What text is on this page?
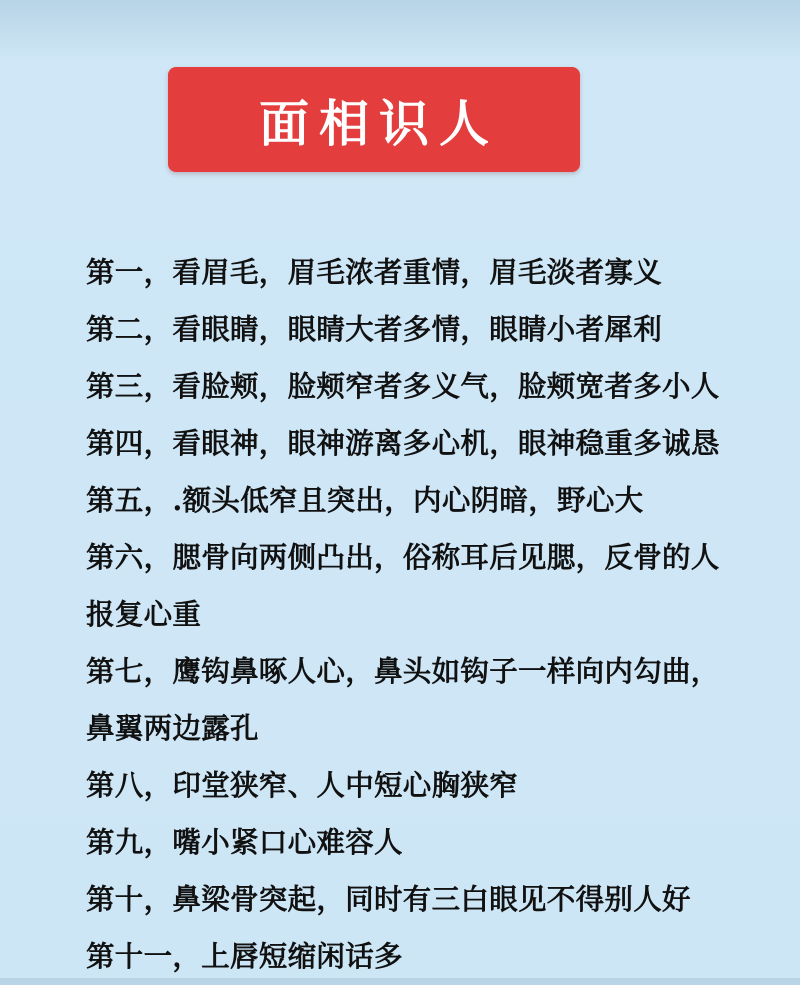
面相识人
第一，看眉毛，眉毛浓者重情，眉毛淡者寡义
第二，看眼睛，眼睛大者多情，眼睛小者犀利
第三，看脸颊，脸颊窄者多义气，脸颊宽者多小人
第四，看眼神，眼神游离多心机，眼神稳重多诚恳
第五，.额头低窄且突出，内心阴暗，野心大
第六，腮骨向两侧凸出，俗称耳后见腮，反骨的人
报复心重
第七，鹰钩鼻啄人心，鼻头如钩子一样向内勾曲，
鼻翼两边露孔
第八，印堂狭窄、人中短心胸狭窄
第九，嘴小紧口心难容人
第十，鼻梁骨突起，同时有三白眼见不得别人好
第十一，上唇短缩闲话多
